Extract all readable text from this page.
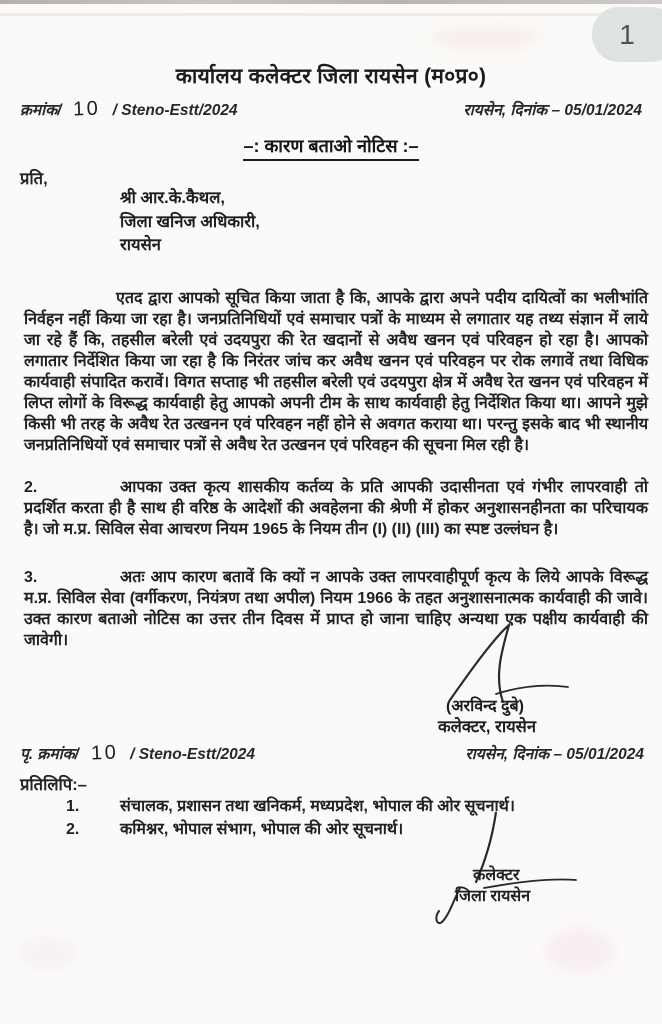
1
कार्यालय कलेक्टर जिला रायसेन (म०प्र०)
क्रमांक/ 10 / Steno-Estt/2024	रायसेन, दिनांक – 05/01/2024
–: कारण बताओ नोटिस :–
प्रति,
श्री आर.के.कैथल,
जिला खनिज अधिकारी,
रायसेन

एतद द्वारा आपको सूचित किया जाता है कि, आपके द्वारा अपने पदीय दायित्वों का भलीभांति निर्वहन नहीं किया जा रहा है। जनप्रतिनिधियों एवं समाचार पत्रों के माध्यम से लगातार यह तथ्य संज्ञान में लाये जा रहे हैं कि, तहसील बरेली एवं उदयपुरा की रेत खदानों से अवैध खनन एवं परिवहन हो रहा है। आपको लगातार निर्देशित किया जा रहा है कि निरंतर जांच कर अवैध खनन एवं परिवहन पर रोक लगावें तथा विधिक कार्यवाही संपादित करावें। विगत सप्ताह भी तहसील बरेली एवं उदयपुरा क्षेत्र में अवैध रेत खनन एवं परिवहन में लिप्त लोगों के विरूद्ध कार्यवाही हेतु आपको अपनी टीम के साथ कार्यवाही हेतु निर्देशित किया था। आपने मुझे किसी भी तरह के अवैध रेत उत्खनन एवं परिवहन नहीं होने से अवगत कराया था। परन्तु इसके बाद भी स्थानीय जनप्रतिनिधियों एवं समाचार पत्रों से अवैध रेत उत्खनन एवं परिवहन की सूचना मिल रही है।

2.	आपका उक्त कृत्य शासकीय कर्तव्य के प्रति आपकी उदासीनता एवं गंभीर लापरवाही तो प्रदर्शित करता ही है साथ ही वरिष्ठ के आदेशों की अवहेलना की श्रेणी में होकर अनुशासनहीनता का परिचायक है। जो म.प्र. सिविल सेवा आचरण नियम 1965 के नियम तीन (I) (II) (III) का स्पष्ट उल्लंघन है।

3.	अतः आप कारण बतावें कि क्यों न आपके उक्त लापरवाहीपूर्ण कृत्य के लिये आपके विरूद्ध म.प्र. सिविल सेवा (वर्गीकरण, नियंत्रण तथा अपील) नियम 1966 के तहत अनुशासनात्मक कार्यवाही की जावे। उक्त कारण बताओ नोटिस का उत्तर तीन दिवस में प्राप्त हो जाना चाहिए अन्यथा एक पक्षीय कार्यवाही की जावेगी।

(अरविन्द दुबे)
कलेक्टर, रायसेन
पृ. क्रमांक/ 10 / Steno-Estt/2024	रायसेन, दिनांक – 05/01/2024
प्रतिलिपि:–
1.	संचालक, प्रशासन तथा खनिकर्म, मध्यप्रदेश, भोपाल की ओर सूचनार्थ।
2.	कमिश्नर, भोपाल संभाग, भोपाल की ओर सूचनार्थ।
कलेक्टर
जिला रायसेन
